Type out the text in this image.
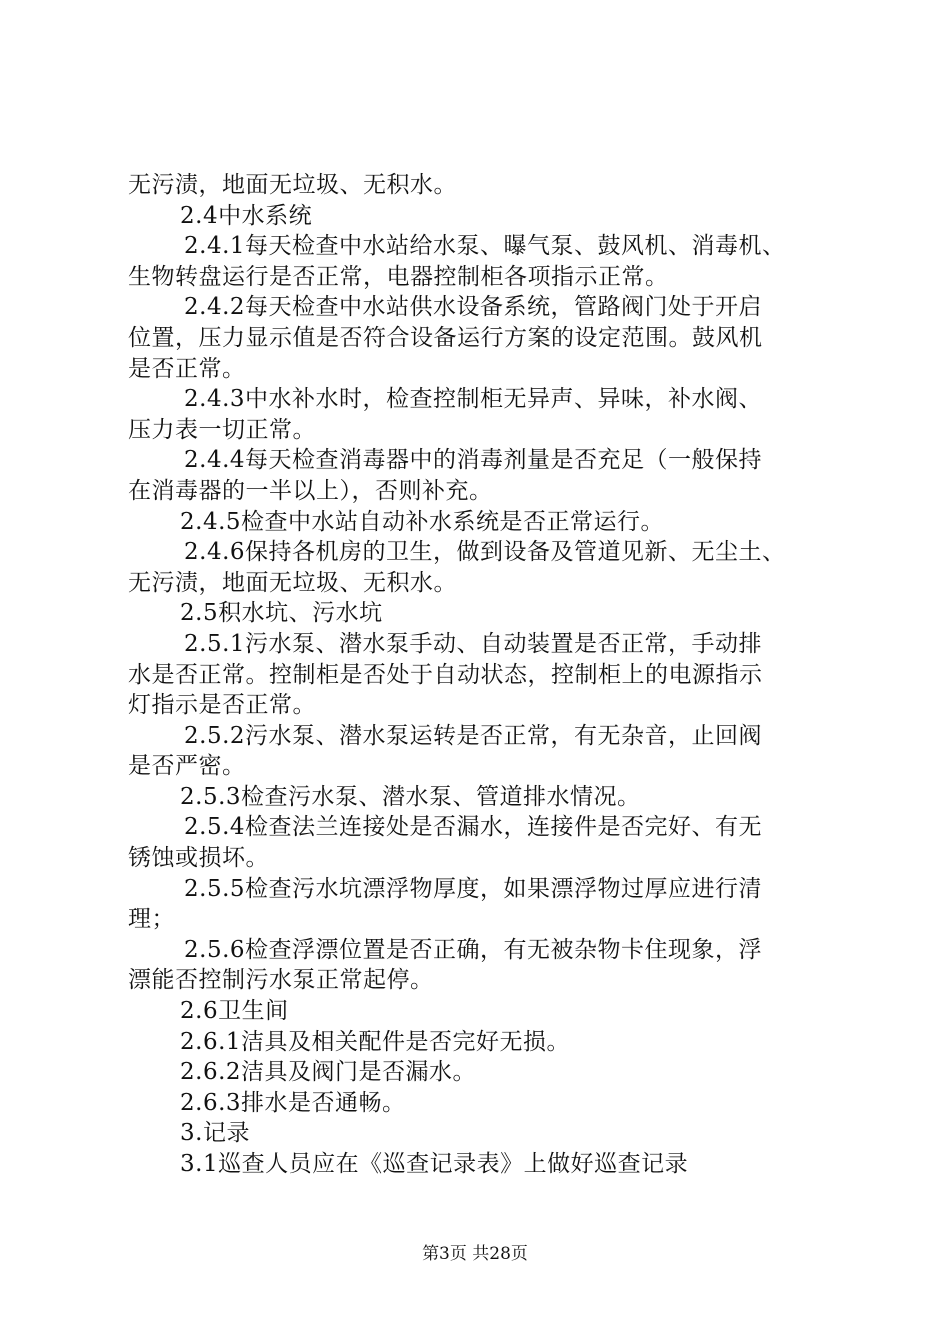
无污渍，地面无垃圾、无积水。
2.4中水系统
2.4.1每天检查中水站给水泵、曝气泵、鼓风机、消毒机、
生物转盘运行是否正常，电器控制柜各项指示正常。
2.4.2每天检查中水站供水设备系统，管路阀门处于开启
位置，压力显示值是否符合设备运行方案的设定范围。鼓风机
是否正常。
2.4.3中水补水时，检查控制柜无异声、异味，补水阀、
压力表一切正常。
2.4.4每天检查消毒器中的消毒剂量是否充足（一般保持
在消毒器的一半以上），否则补充。
2.4.5检查中水站自动补水系统是否正常运行。
2.4.6保持各机房的卫生，做到设备及管道见新、无尘土、
无污渍，地面无垃圾、无积水。
2.5积水坑、污水坑
2.5.1污水泵、潜水泵手动、自动装置是否正常，手动排
水是否正常。控制柜是否处于自动状态，控制柜上的电源指示
灯指示是否正常。
2.5.2污水泵、潜水泵运转是否正常，有无杂音，止回阀
是否严密。
2.5.3检查污水泵、潜水泵、管道排水情况。
2.5.4检查法兰连接处是否漏水，连接件是否完好、有无
锈蚀或损坏。
2.5.5检查污水坑漂浮物厚度，如果漂浮物过厚应进行清
理；
2.5.6检查浮漂位置是否正确，有无被杂物卡住现象，浮
漂能否控制污水泵正常起停。
2.6卫生间
2.6.1洁具及相关配件是否完好无损。
2.6.2洁具及阀门是否漏水。
2.6.3排水是否通畅。
3.记录
3.1巡查人员应在《巡查记录表》上做好巡查记录
第3页 共28页
